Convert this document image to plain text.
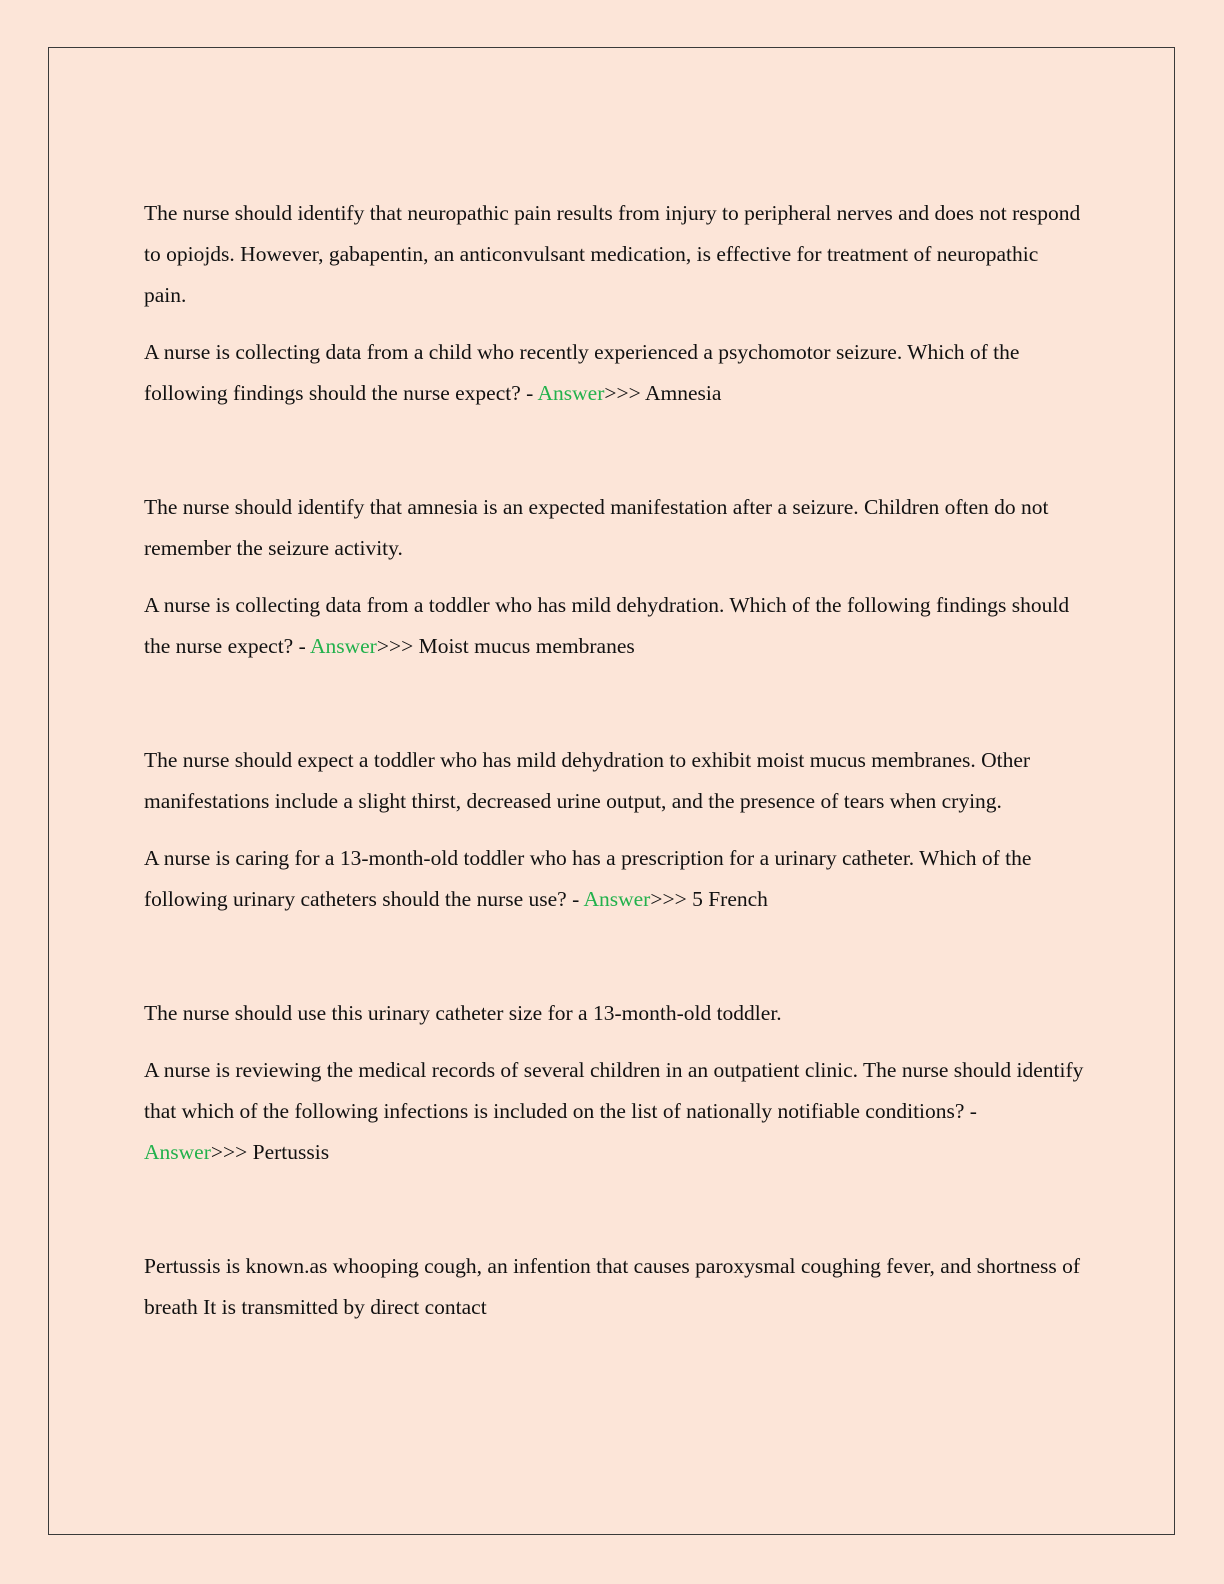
The nurse should identify that neuropathic pain results from injury to peripheral nerves and does not respond to opiojds. However, gabapentin, an anticonvulsant medication, is effective for treatment of neuropathic pain.

A nurse is collecting data from a child who recently experienced a psychomotor seizure. Which of the following findings should the nurse expect? - Answer>>> Amnesia

The nurse should identify that amnesia is an expected manifestation after a seizure. Children often do not remember the seizure activity.

A nurse is collecting data from a toddler who has mild dehydration. Which of the following findings should the nurse expect? - Answer>>> Moist mucus membranes

The nurse should expect a toddler who has mild dehydration to exhibit moist mucus membranes. Other manifestations include a slight thirst, decreased urine output, and the presence of tears when crying.

A nurse is caring for a 13-month-old toddler who has a prescription for a urinary catheter. Which of the following urinary catheters should the nurse use? - Answer>>> 5 French

The nurse should use this urinary catheter size for a 13-month-old toddler.

A nurse is reviewing the medical records of several children in an outpatient clinic. The nurse should identify that which of the following infections is included on the list of nationally notifiable conditions? - Answer>>> Pertussis

Pertussis is known.as whooping cough, an infention that causes paroxysmal coughing fever, and shortness of breath It is transmitted by direct contact
